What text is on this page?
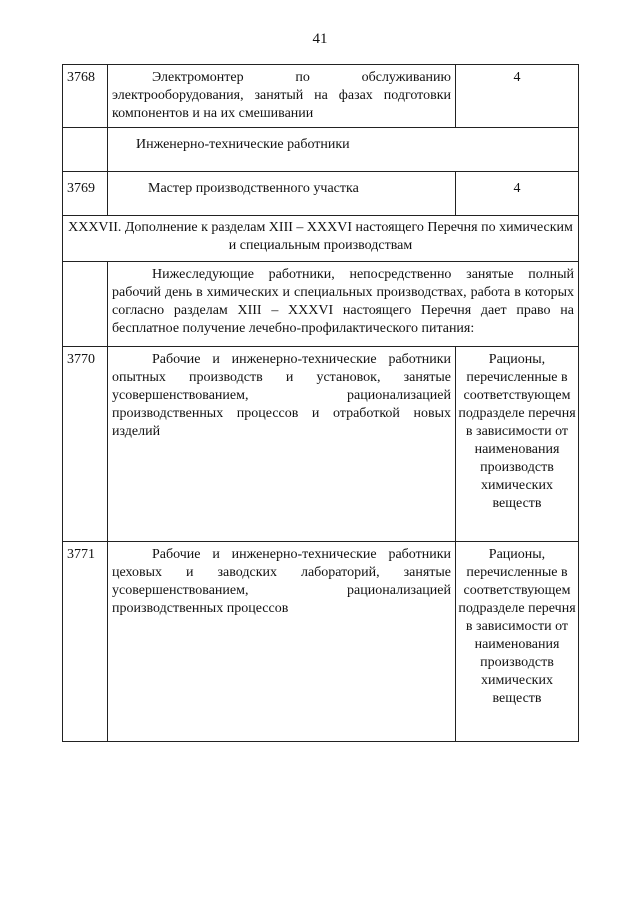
41
3768	Электромонтер по обслуживанию электрооборудования, занятый на фазах подготовки компонентов и на их смешивании	4
	Инженерно-технические работники	
3769	Мастер производственного участка	4
XXXVII. Дополнение к разделам XIII – XXXVI настоящего Перечня по химическим и специальным производствам		

	Нижеследующие работники, непосредственно занятые полный рабочий день в химических и специальных производствах, работа в которых согласно разделам XIII – XXXVI настоящего Перечня дает право на бесплатное получение лечебно-профилактического питания:	

3770	Рабочие и инженерно-технические работники опытных производств и установок, занятые усовершенствованием, рационализацией производственных процессов и отработкой новых изделий	Рационы, перечисленные в соответствующем подразделе перечня в зависимости от наименования производств химических веществ
3771	Рабочие и инженерно-технические работники цеховых и заводских лабораторий, занятые усовершенствованием, рационализацией производственных процессов	Рационы, перечисленные в соответствующем подразделе перечня в зависимости от наименования производств химических веществ
